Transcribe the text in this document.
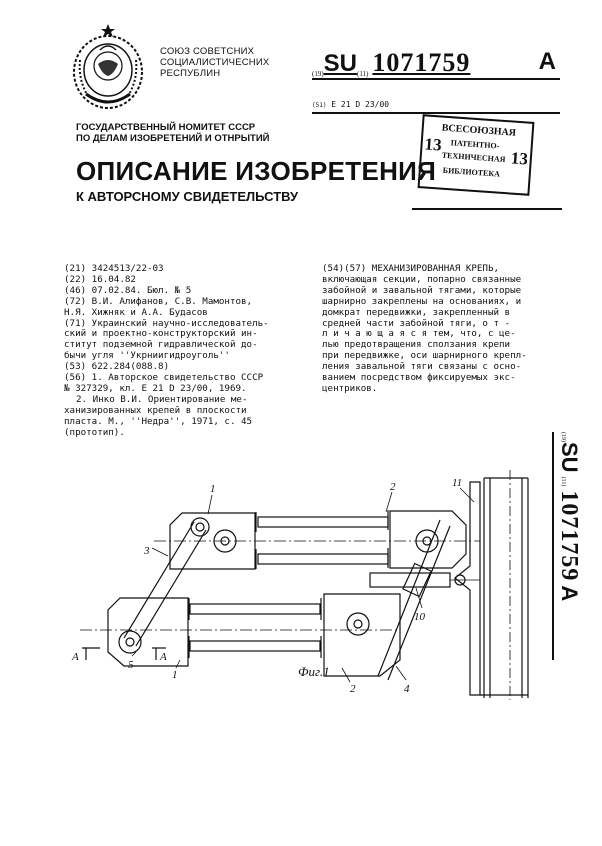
СОЮЗ СОВЕТСНИХ
СОЦИАЛИСТИЧЕСНИХ
РЕСПУБЛИН	(19)SU(11) 1071759	A
(51) Е 21 D 23/00
ГОСУДАРСТВЕННЫЙ НОМИТЕТ СССР
ПО ДЕЛАМ ИЗОБРЕТЕНИЙ И ОТНРЫТИЙ
ОПИСАНИЕ ИЗОБРЕТЕНИЯ
К АВТОРСНОМУ СВИДЕТЕЛЬСТВУ
ВСЕСОЮЗНАЯ
ПАТЕНТНО-
ТЕХНИЧЕСНАЯ
БИБЛИОТЕКА
13
13
(21) 3424513/22-03
(22) 16.04.82
(46) 07.02.84. Бюл. № 5
(72) В.И. Алифанов, С.В. Мамонтов,
Н.Я. Хижняк и А.А. Будасов
(71) Украинский научно-исследователь-
ский и проектно-конструкторский ин-
ститут подземной гидравлической до-
бычи угля ''Укрниигидроуголь''
(53) 622.284(088.8)
(56) 1. Авторское свидетельство СССР
№ 327329, кл. Е 21 D 23/00, 1969.
2. Инко В.И. Ориентирование ме-
ханизированных крепей в плоскости
пласта. М., ''Недра'', 1971, с. 45
(прототип).
(54)(57) МЕХАНИЗИРОВАННАЯ КРЕПЬ,
включающая секции, попарно связанные
забойной и завальной тягами, которые
шарнирно закреплены на основаниях, и
домкрат передвижки, закрепленный в
средней части забойной тяги, о т -
л и ч а ю щ а я с я тем, что, с це-
лью предотвращения сползания крепи
при передвижке, оси шарнирного крепл-
ления завальной тяги связаны с осно-
ванием посредством фиксируемых экс-
центриков.
(19)SU (11) 1071759 A
1	2
3
1
2	4
5
10
11
А	А
Фиг.1
